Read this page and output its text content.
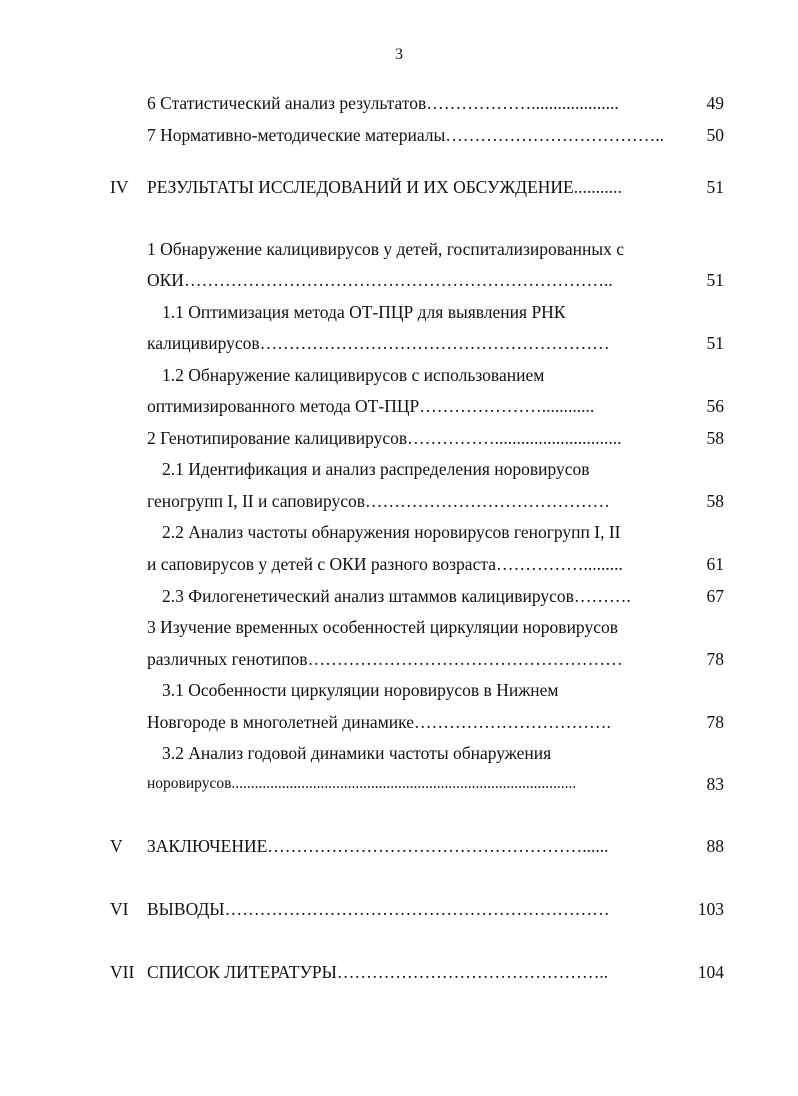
3
6 Статистический анализ результатов………………....................	49
7 Нормативно-методические материалы………………………………..	50
IV РЕЗУЛЬТАТЫ ИССЛЕДОВАНИЙ И ИХ ОБСУЖДЕНИЕ...........	51
1 Обнаружение калицивирусов у детей, госпитализированных с
ОКИ………………………………………………………………..	51
1.1 Оптимизация метода ОТ-ПЦР для выявления РНК
калицивирусов……………………………………………………	51
1.2 Обнаружение калицивирусов с использованием
оптимизированного метода ОТ-ПЦР…………………............	56
2 Генотипирование калицивирусов…………….............................	58
2.1 Идентификация и анализ распределения норовирусов
геногрупп I, II и саповирусов……………………………………	58
2.2 Анализ частоты обнаружения норовирусов геногрупп I, II
и саповирусов у детей с ОКИ разного возраста…………….........	61
2.3 Филогенетический анализ штаммов калицивирусов……….	67
3 Изучение временных особенностей циркуляции норовирусов
различных генотипов………………………………………………	78
3.1 Особенности циркуляции норовирусов в Нижнем
Новгороде в многолетней динамике…………………………….	78
3.2 Анализ годовой динамики частоты обнаружения
норовирусов.........................................................................................	83
V ЗАКЛЮЧЕНИЕ………………………………………………......	88
VI ВЫВОДЫ…………………………………………………………	103
VII СПИСОК ЛИТЕРАТУРЫ………………………………………..	104
